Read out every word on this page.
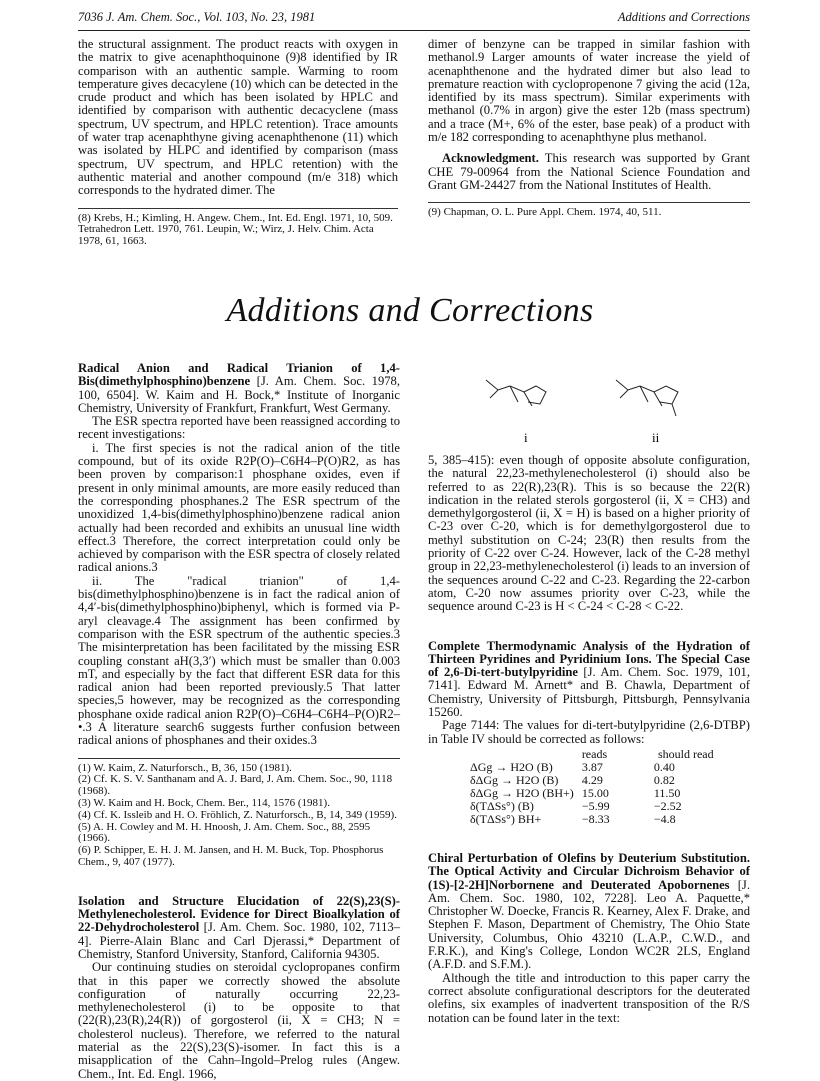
7036 J. Am. Chem. Soc., Vol. 103, No. 23, 1981	Additions and Corrections

the structural assignment. The product reacts with oxygen in the matrix to give acenaphthoquinone (9)8 identified by IR comparison with an authentic sample. Warming to room temperature gives decacylene (10) which can be detected in the crude product and which has been isolated by HPLC and identified by comparison with authentic decacyclene (mass spectrum, UV spectrum, and HPLC retention). Trace amounts of water trap acenaphthyne giving acenaphthenone (11) which was isolated by HLPC and identified by comparison (mass spectrum, UV spectrum, and HPLC retention) with the authentic material and another compound (m/e 318) which corresponds to the hydrated dimer. The

(8) Krebs, H.; Kimling, H. Angew. Chem., Int. Ed. Engl. 1971, 10, 509. Tetrahedron Lett. 1970, 761. Leupin, W.; Wirz, J. Helv. Chim. Acta 1978, 61, 1663.

dimer of benzyne can be trapped in similar fashion with methanol.9 Larger amounts of water increase the yield of acenaphthenone and the hydrated dimer but also lead to premature reaction with cyclopropenone 7 giving the acid (12a, identified by its mass spectrum). Similar experiments with methanol (0.7% in argon) give the ester 12b (mass spectrum) and a trace (M+, 6% of the ester, base peak) of a product with m/e 182 corresponding to acenaphthyne plus methanol.

Acknowledgment. This research was supported by Grant CHE 79-00964 from the National Science Foundation and Grant GM-24427 from the National Institutes of Health.

(9) Chapman, O. L. Pure Appl. Chem. 1974, 40, 511.

Additions and Corrections

Radical Anion and Radical Trianion of 1,4-Bis(dimethylphosphino)benzene [J. Am. Chem. Soc. 1978, 100, 6504]. W. Kaim and H. Bock,* Institute of Inorganic Chemistry, University of Frankfurt, Frankfurt, West Germany.

The ESR spectra reported have been reassigned according to recent investigations:

i. The first species is not the radical anion of the title compound, but of its oxide R2P(O)–C6H4–P(O)R2, as has been proven by comparison:1 phosphane oxides, even if present in only minimal amounts, are more easily reduced than the corresponding phosphanes.2 The ESR spectrum of the unoxidized 1,4-bis(dimethylphosphino)benzene radical anion actually had been recorded and exhibits an unusual line width effect.3 Therefore, the correct interpretation could only be achieved by comparison with the ESR spectra of closely related radical anions.3

ii. The "radical trianion" of 1,4-bis(dimethylphosphino)benzene is in fact the radical anion of 4,4′-bis(dimethylphosphino)biphenyl, which is formed via P-aryl cleavage.4 The assignment has been confirmed by comparison with the ESR spectrum of the authentic species.3 The misinterpretation has been facilitated by the missing ESR coupling constant aH(3,3′) which must be smaller than 0.003 mT, and especially by the fact that different ESR data for this radical anion had been reported previously.5 That latter species,5 however, may be recognized as the corresponding phosphane oxide radical anion R2P(O)–C6H4–C6H4–P(O)R2–•.3 A literature search6 suggests further confusion between radical anions of phosphanes and their oxides.3

(1) W. Kaim, Z. Naturforsch., B, 36, 150 (1981).

(2) Cf. K. S. V. Santhanam and A. J. Bard, J. Am. Chem. Soc., 90, 1118 (1968).

(3) W. Kaim and H. Bock, Chem. Ber., 114, 1576 (1981).

(4) Cf. K. Issleib and H. O. Fröhlich, Z. Naturforsch., B, 14, 349 (1959).

(5) A. H. Cowley and M. H. Hnoosh, J. Am. Chem. Soc., 88, 2595 (1966).

(6) P. Schipper, E. H. J. M. Jansen, and H. M. Buck, Top. Phosphorus Chem., 9, 407 (1977).

Isolation and Structure Elucidation of 22(S),23(S)-Methylenecholesterol. Evidence for Direct Bioalkylation of 22-Dehydrocholesterol [J. Am. Chem. Soc. 1980, 102, 7113–4]. Pierre-Alain Blanc and Carl Djerassi,* Department of Chemistry, Stanford University, Stanford, California 94305.

Our continuing studies on steroidal cyclopropanes confirm that in this paper we correctly showed the absolute configuration of naturally occurring 22,23-methylenecholesterol (i) to be opposite to that (22(R),23(R),24(R)) of gorgosterol (ii, X = CH3; N = cholesterol nucleus). Therefore, we referred to the natural material as the 22(S),23(S)-isomer. In fact this is a misapplication of the Cahn–Ingold–Prelog rules (Angew. Chem., Int. Ed. Engl. 1966,

i	ii

5, 385–415): even though of opposite absolute configuration, the natural 22,23-methylenecholesterol (i) should also be referred to as 22(R),23(R). This is so because the 22(R) indication in the related sterols gorgosterol (ii, X = CH3) and demethylgorgosterol (ii, X = H) is based on a higher priority of C-23 over C-20, which is for demethylgorgosterol due to methyl substitution on C-24; 23(R) then results from the priority of C-22 over C-24. However, lack of the C-28 methyl group in 22,23-methylenecholesterol (i) leads to an inversion of the sequences around C-22 and C-23. Regarding the 22-carbon atom, C-20 now assumes priority over C-23, while the sequence around C-23 is H < C-24 < C-28 < C-22.

Complete Thermodynamic Analysis of the Hydration of Thirteen Pyridines and Pyridinium Ions. The Special Case of 2,6-Di-tert-butylpyridine [J. Am. Chem. Soc. 1979, 101, 7141]. Edward M. Arnett* and B. Chawla, Department of Chemistry, University of Pittsburgh, Pittsburgh, Pennsylvania 15260.

Page 7144: The values for di-tert-butylpyridine (2,6-DTBP) in Table IV should be corrected as follows:

	reads	should read
ΔGg → H2O (B)	3.87	0.40
δΔGg → H2O (B)	4.29	0.82
δΔGg → H2O (BH+)	15.00	11.50
δ(TΔSs°) (B)	−5.99	−2.52
δ(TΔSs°) BH+	−8.33	−4.8

Chiral Perturbation of Olefins by Deuterium Substitution. The Optical Activity and Circular Dichroism Behavior of (1S)-[2-2H]Norbornene and Deuterated Apobornenes [J. Am. Chem. Soc. 1980, 102, 7228]. Leo A. Paquette,* Christopher W. Doecke, Francis R. Kearney, Alex F. Drake, and Stephen F. Mason, Department of Chemistry, The Ohio State University, Columbus, Ohio 43210 (L.A.P., C.W.D., and F.R.K.), and King's College, London WC2R 2LS, England (A.F.D. and S.F.M.).

Although the title and introduction to this paper carry the correct absolute configurational descriptors for the deuterated olefins, six examples of inadvertent transposition of the R/S notation can be found later in the text:
